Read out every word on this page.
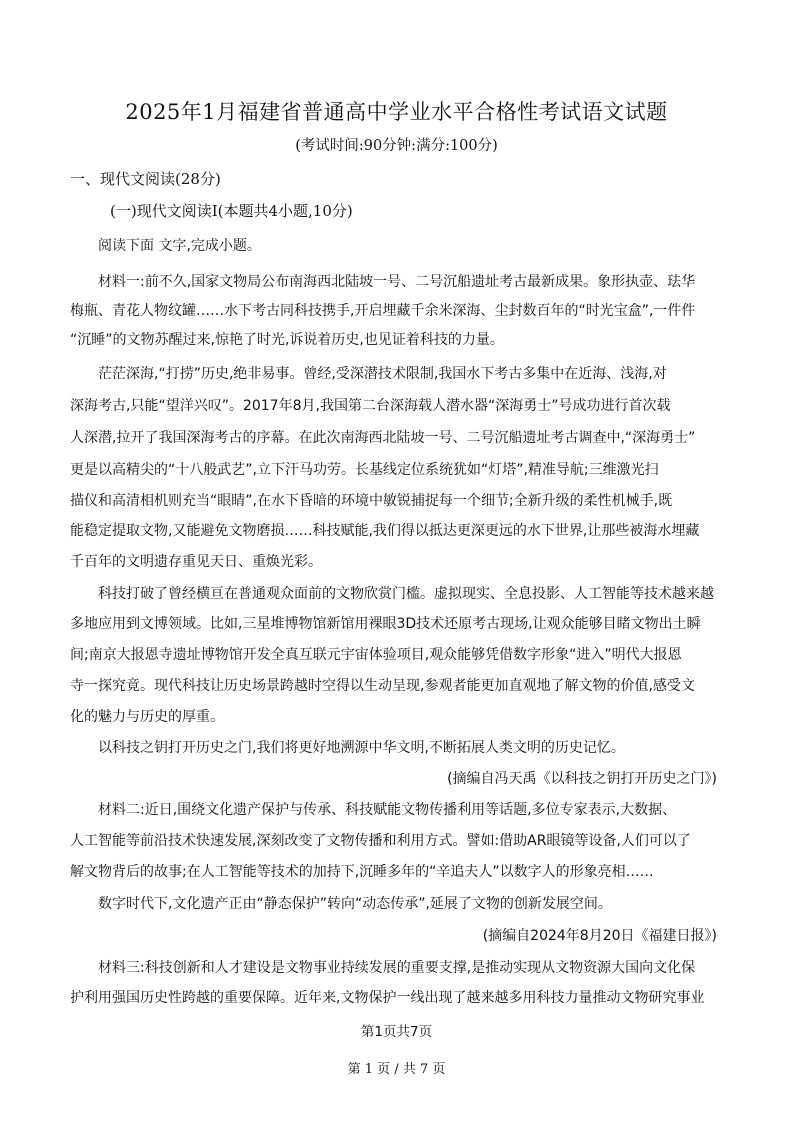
2025年1月福建省普通高中学业水平合格性考试语文试题
(考试时间:90分钟:满分:100分)
一、现代文阅读(28分)
(一)现代文阅读Ⅰ(本题共4小题,10分)
阅读下面 文字,完成小题。
材料一:前不久,国家文物局公布南海西北陆坡一号、二号沉船遗址考古最新成果。象形执壶、珐华
梅瓶、青花人物纹罐……水下考古同科技携手,开启埋藏千余米深海、尘封数百年的“时光宝盒”,一件件
“沉睡”的文物苏醒过来,惊艳了时光,诉说着历史,也见证着科技的力量。
茫茫深海,“打捞”历史,绝非易事。曾经,受深潜技术限制,我国水下考古多集中在近海、浅海,对
深海考古,只能“望洋兴叹”。2017年8月,我国第二台深海载人潜水器“深海勇士”号成功进行首次载
人深潜,拉开了我国深海考古的序幕。在此次南海西北陆坡一号、二号沉船遗址考古调查中,“深海勇士”
更是以高精尖的“十八般武艺”,立下汗马功劳。长基线定位系统犹如“灯塔”,精准导航;三维激光扫
描仪和高清相机则充当“眼睛”,在水下昏暗的环境中敏锐捕捉每一个细节;全新升级的柔性机械手,既
能稳定提取文物,又能避免文物磨损……科技赋能,我们得以抵达更深更远的水下世界,让那些被海水埋藏
千百年的文明遗存重见天日、重焕光彩。
科技打破了曾经横亘在普通观众面前的文物欣赏门槛。虚拟现实、全息投影、人工智能等技术越来越
多地应用到文博领域。比如,三星堆博物馆新馆用裸眼3D技术还原考古现场,让观众能够目睹文物出土瞬
间;南京大报恩寺遗址博物馆开发全真互联元宇宙体验项目,观众能够凭借数字形象“进入”明代大报恩
寺一探究竟。现代科技让历史场景跨越时空得以生动呈现,参观者能更加直观地了解文物的价值,感受文
化的魅力与历史的厚重。
以科技之钥打开历史之门,我们将更好地溯源中华文明,不断拓展人类文明的历史记忆。
(摘编自冯天禹《以科技之钥打开历史之门》)
材料二:近日,围绕文化遗产保护与传承、科技赋能文物传播利用等话题,多位专家表示,大数据、
人工智能等前沿技术快速发展,深刻改变了文物传播和利用方式。譬如:借助AR眼镜等设备,人们可以了
解文物背后的故事;在人工智能等技术的加持下,沉睡多年的“辛追夫人”以数字人的形象亮相……
数字时代下,文化遗产正由“静态保护”转向“动态传承”,延展了文物的创新发展空间。
(摘编自2024年8月20日《福建日报》)
材料三:科技创新和人才建设是文物事业持续发展的重要支撑,是推动实现从文物资源大国向文化保
护利用强国历史性跨越的重要保障。近年来,文物保护一线出现了越来越多用科技力量推动文物研究事业
第1页共7页
第 1 页 / 共 7 页
